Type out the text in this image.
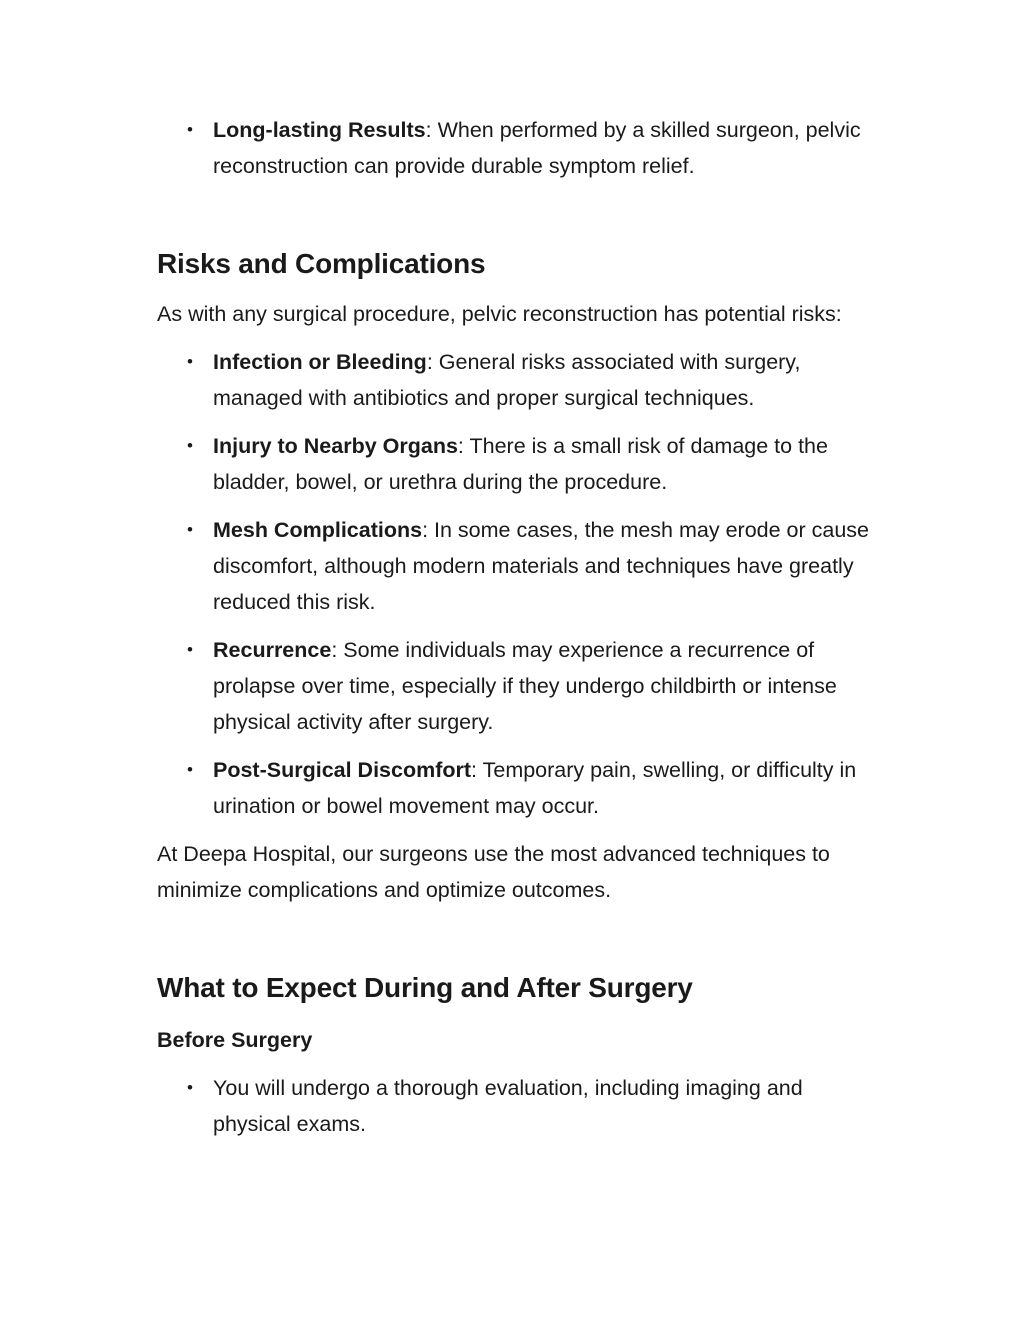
• Long-lasting Results: When performed by a skilled surgeon, pelvic reconstruction can provide durable symptom relief.
Risks and Complications

As with any surgical procedure, pelvic reconstruction has potential risks:

• Infection or Bleeding: General risks associated with surgery, managed with antibiotics and proper surgical techniques.
• Injury to Nearby Organs: There is a small risk of damage to the bladder, bowel, or urethra during the procedure.
• Mesh Complications: In some cases, the mesh may erode or cause discomfort, although modern materials and techniques have greatly reduced this risk.
• Recurrence: Some individuals may experience a recurrence of prolapse over time, especially if they undergo childbirth or intense physical activity after surgery.
• Post-Surgical Discomfort: Temporary pain, swelling, or difficulty in urination or bowel movement may occur.

At Deepa Hospital, our surgeons use the most advanced techniques to minimize complications and optimize outcomes.

What to Expect During and After Surgery
Before Surgery
• You will undergo a thorough evaluation, including imaging and physical exams.
